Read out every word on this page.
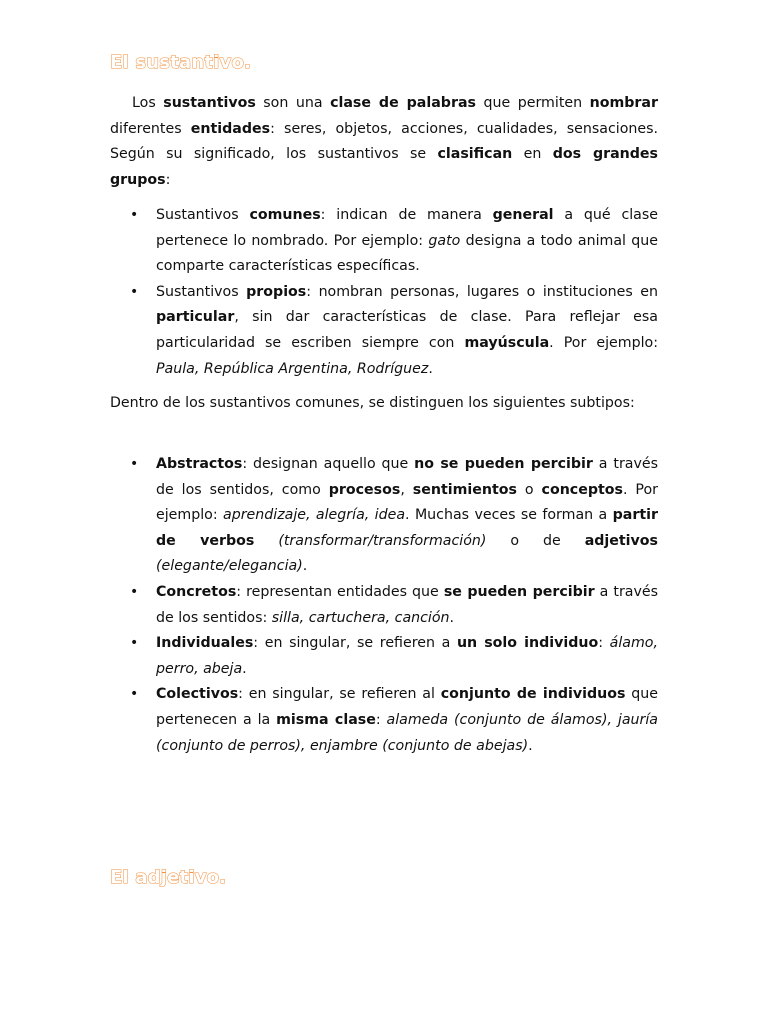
El sustantivo.

Los sustantivos son una clase de palabras que permiten nombrar diferentes entidades: seres, objetos, acciones, cualidades, sensaciones. Según su significado, los sustantivos se clasifican en dos grandes grupos:

• Sustantivos comunes: indican de manera general a qué clase pertenece lo nombrado. Por ejemplo: gato designa a todo animal que comparte características específicas.
• Sustantivos propios: nombran personas, lugares o instituciones en particular, sin dar características de clase. Para reflejar esa particularidad se escriben siempre con mayúscula. Por ejemplo: Paula, República Argentina, Rodríguez.

Dentro de los sustantivos comunes, se distinguen los siguientes subtipos:

• Abstractos: designan aquello que no se pueden percibir a través de los sentidos, como procesos, sentimientos o conceptos. Por ejemplo: aprendizaje, alegría, idea. Muchas veces se forman a partir de verbos (transformar/transformación) o de adjetivos (elegante/elegancia).
• Concretos: representan entidades que se pueden percibir a través de los sentidos: silla, cartuchera, canción.
• Individuales: en singular, se refieren a un solo individuo: álamo, perro, abeja.
• Colectivos: en singular, se refieren al conjunto de individuos que pertenecen a la misma clase: alameda (conjunto de álamos), jauría (conjunto de perros), enjambre (conjunto de abejas).
El adjetivo.
